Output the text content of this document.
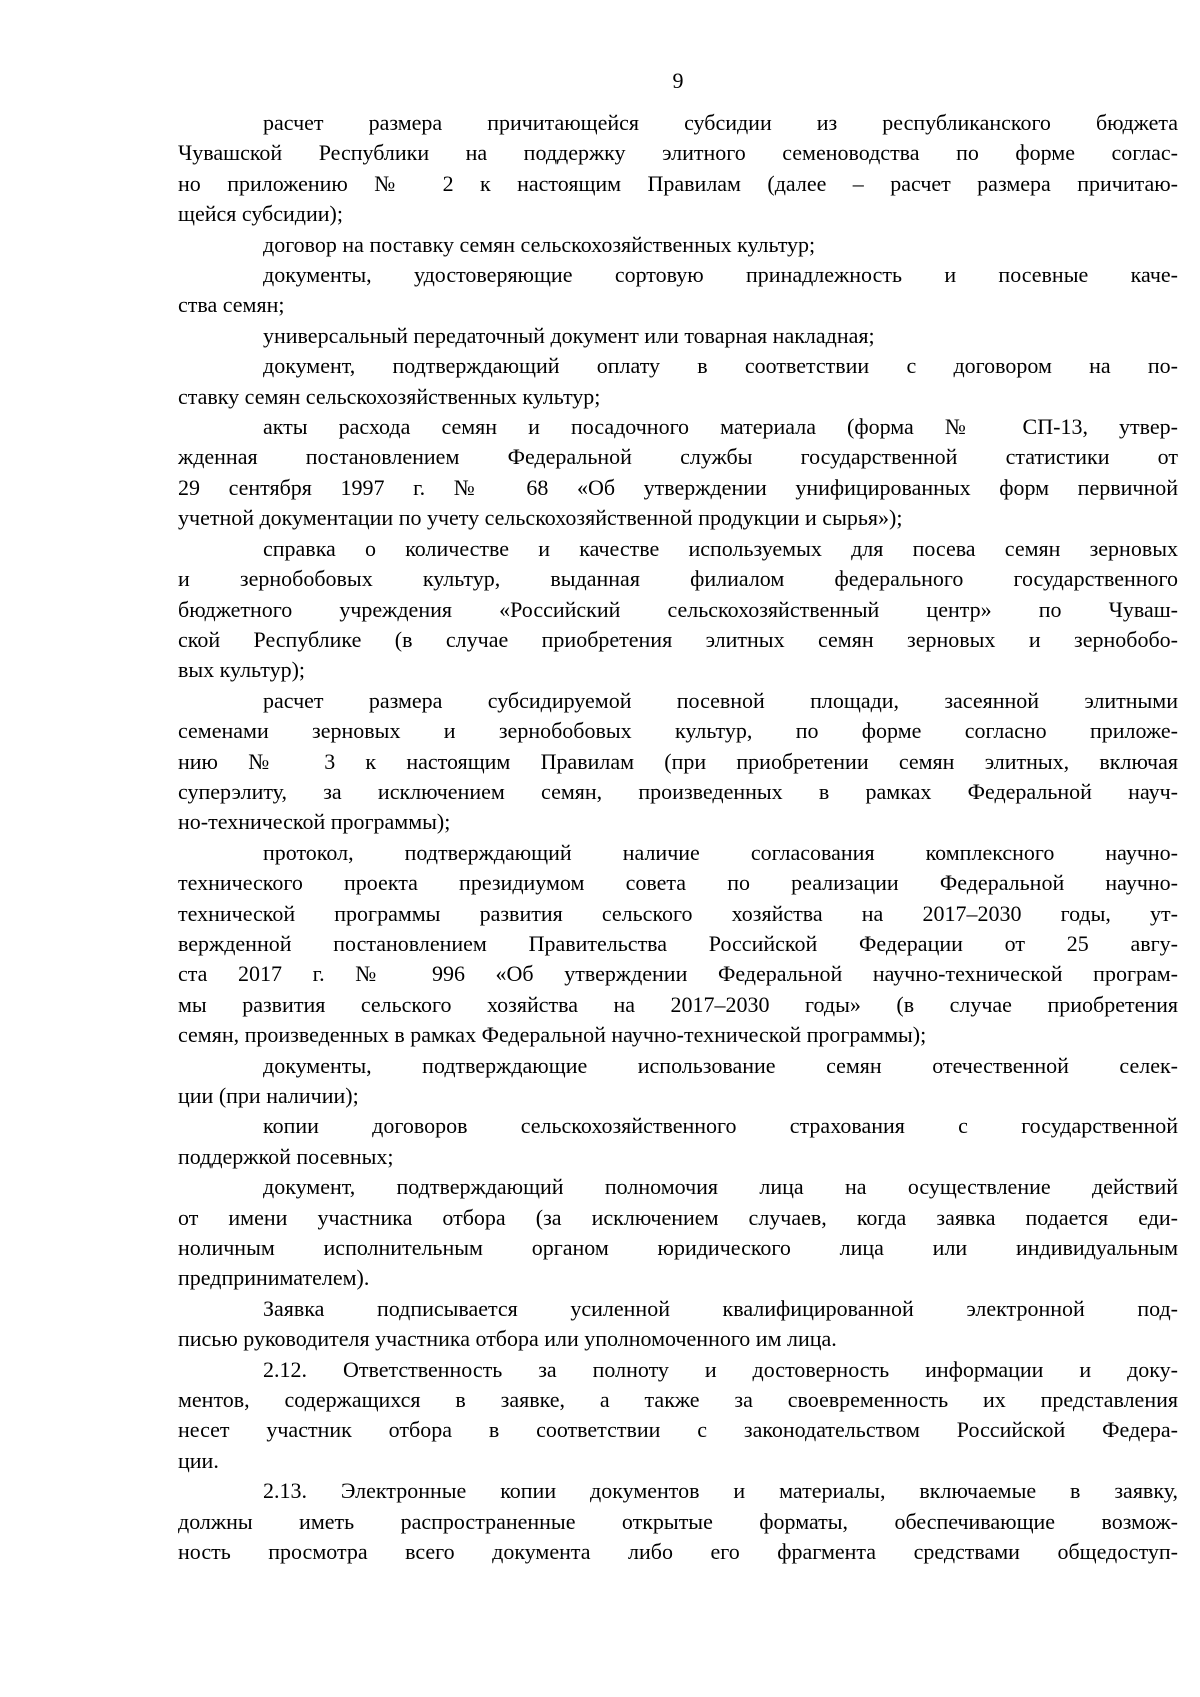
9
расчет размера причитающейся субсидии из республиканского бюджета
Чувашской Республики на поддержку элитного семеноводства по форме соглас-
но приложению № 2 к настоящим Правилам (далее – расчет размера причитаю-
щейся субсидии);
договор на поставку семян сельскохозяйственных культур;
документы, удостоверяющие сортовую принадлежность и посевные каче-
ства семян;
универсальный передаточный документ или товарная накладная;
документ, подтверждающий оплату в соответствии с договором на по-
ставку семян сельскохозяйственных культур;
акты расхода семян и посадочного материала (форма № СП-13, утвер-
жденная постановлением Федеральной службы государственной статистики от
29 сентября 1997 г. № 68 «Об утверждении унифицированных форм первичной
учетной документации по учету сельскохозяйственной продукции и сырья»);
справка о количестве и качестве используемых для посева семян зерновых
и зернобобовых культур, выданная филиалом федерального государственного
бюджетного учреждения «Российский сельскохозяйственный центр» по Чуваш-
ской Республике (в случае приобретения элитных семян зерновых и зернобобо-
вых культур);
расчет размера субсидируемой посевной площади, засеянной элитными
семенами зерновых и зернобобовых культур, по форме согласно приложе-
нию № 3 к настоящим Правилам (при приобретении семян элитных, включая
суперэлиту, за исключением семян, произведенных в рамках Федеральной науч-
но-технической программы);
протокол, подтверждающий наличие согласования комплексного научно-
технического проекта президиумом совета по реализации Федеральной научно-
технической программы развития сельского хозяйства на 2017–2030 годы, ут-
вержденной постановлением Правительства Российской Федерации от 25 авгу-
ста 2017 г. № 996 «Об утверждении Федеральной научно-технической програм-
мы развития сельского хозяйства на 2017–2030 годы» (в случае приобретения
семян, произведенных в рамках Федеральной научно-технической программы);
документы, подтверждающие использование семян отечественной селек-
ции (при наличии);
копии договоров сельскохозяйственного страхования с государственной
поддержкой посевных;
документ, подтверждающий полномочия лица на осуществление действий
от имени участника отбора (за исключением случаев, когда заявка подается еди-
ноличным исполнительным органом юридического лица или индивидуальным
предпринимателем).
Заявка подписывается усиленной квалифицированной электронной под-
писью руководителя участника отбора или уполномоченного им лица.
2.12. Ответственность за полноту и достоверность информации и доку-
ментов, содержащихся в заявке, а также за своевременность их представления
несет участник отбора в соответствии с законодательством Российской Федера-
ции.
2.13. Электронные копии документов и материалы, включаемые в заявку,
должны иметь распространенные открытые форматы, обеспечивающие возмож-
ность просмотра всего документа либо его фрагмента средствами общедоступ-
